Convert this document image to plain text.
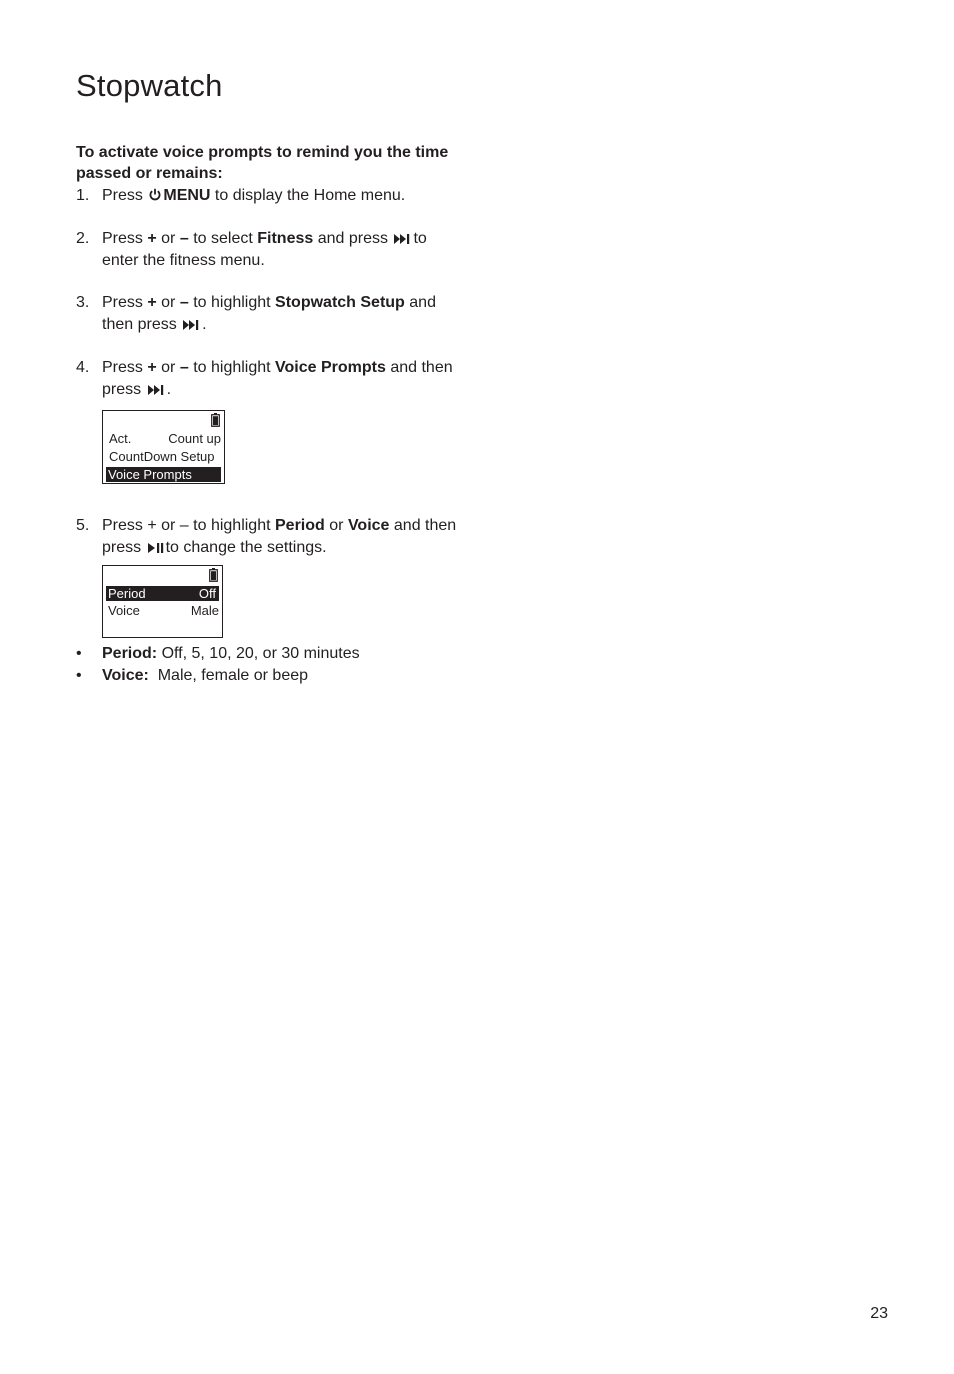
Stopwatch
To activate voice prompts to remind you the time passed or remains:
1. Press MENU to display the Home menu.
2. Press + or – to select Fitness and press to enter the fitness menu.
3. Press + or – to highlight Stopwatch Setup and then press .
4. Press + or – to highlight Voice Prompts and then press .
Act.	Count up
CountDown Setup
Voice Prompts
5. Press + or – to highlight Period or Voice and then press to change the settings.
Period	Off
Voice	Male
• Period: Off, 5, 10, 20, or 30 minutes
• Voice: Male, female or beep
23
